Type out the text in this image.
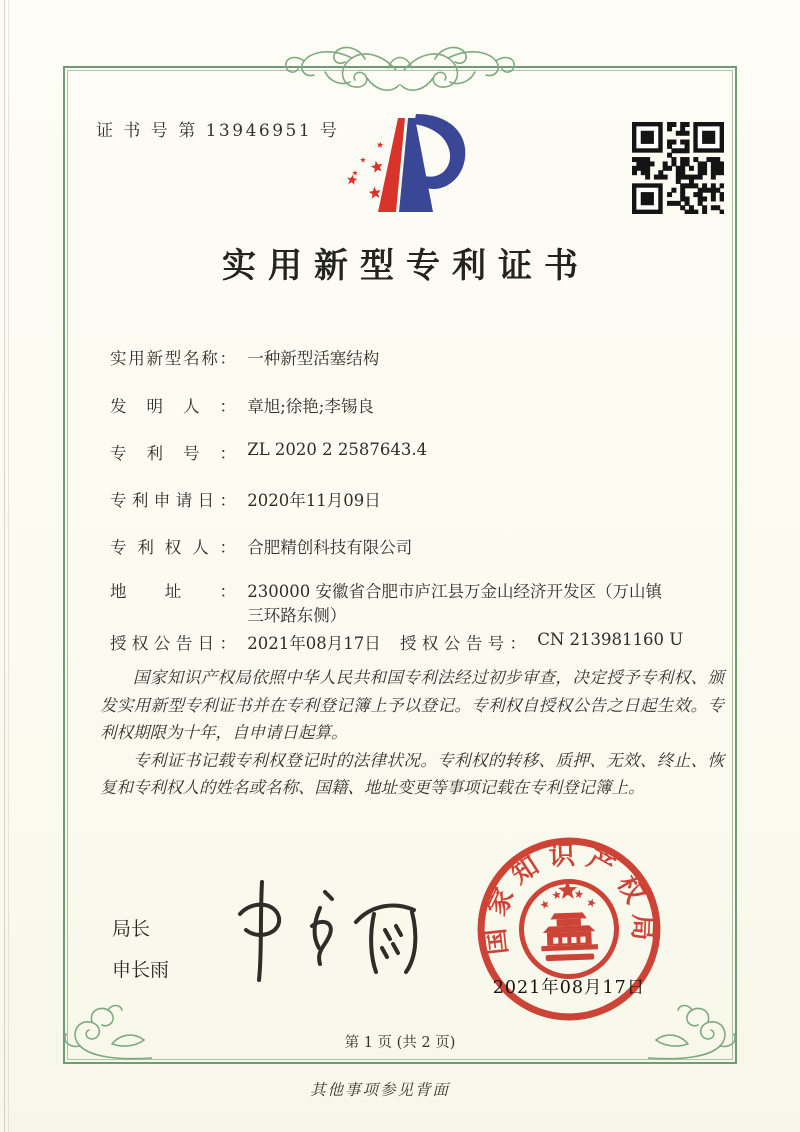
证 书 号 第 13946951 号
实用新型专利证书
实用新型名称： 一种新型活塞结构
发明人： 章旭;徐艳;李锡良
专利号： ZL 2020 2 2587643.4
专利申请日： 2020年11月09日
专利权人： 合肥精创科技有限公司
地址： 230000 安徽省合肥市庐江县万金山经济开发区（万山镇
三环路东侧）
授权公告日： 2021年08月17日 授权公告号： CN 213981160 U

国家知识产权局依照中华人民共和国专利法经过初步审查，决定授予专利权、颁发实用新型专利证书并在专利登记簿上予以登记。专利权自授权公告之日起生效。专利权期限为十年，自申请日起算。

专利证书记载专利权登记时的法律状况。专利权的转移、质押、无效、终止、恢复和专利权人的姓名或名称、国籍、地址变更等事项记载在专利登记簿上。

局长
申长雨
国家知识产权局
2021年08月17日
第 1 页 (共 2 页)
其他事项参见背面
